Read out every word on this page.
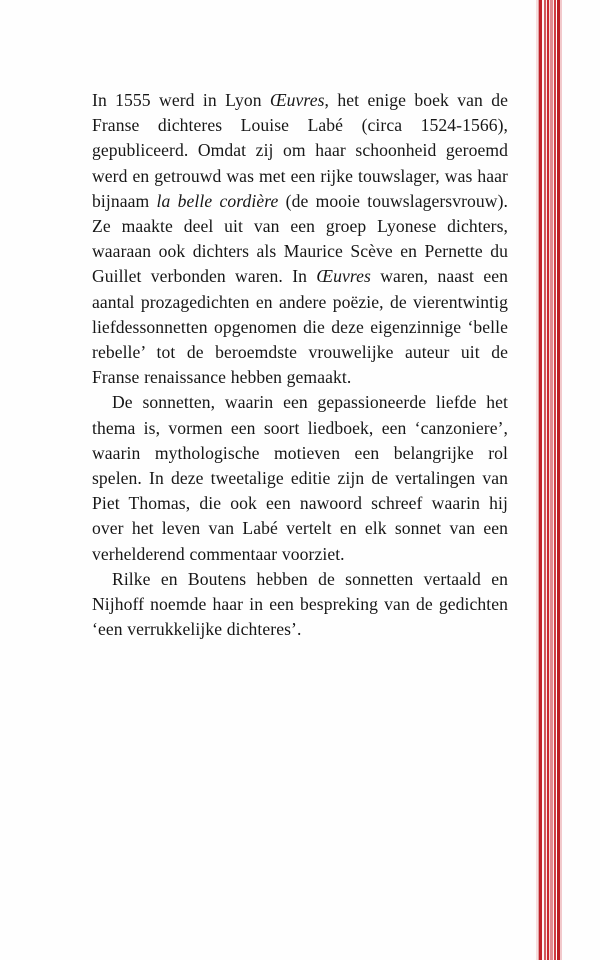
In 1555 werd in Lyon Œuvres, het enige boek van de Franse dichteres Louise Labé (circa 1524-1566), gepubliceerd. Omdat zij om haar schoonheid geroemd werd en getrouwd was met een rijke touwslager, was haar bijnaam la belle cordière (de mooie touwslagersvrouw). Ze maakte deel uit van een groep Lyonese dichters, waaraan ook dichters als Maurice Scève en Pernette du Guillet verbonden waren. In Œuvres waren, naast een aantal prozagedichten en andere poëzie, de vierentwintig liefdessonnetten opgenomen die deze eigenzinnige ‘belle rebelle’ tot de beroemdste vrouwelijke auteur uit de Franse renaissance hebben gemaakt.

De sonnetten, waarin een gepassioneerde liefde het thema is, vormen een soort liedboek, een ‘canzoniere’, waarin mythologische motieven een belangrijke rol spelen. In deze tweetalige editie zijn de vertalingen van Piet Thomas, die ook een nawoord schreef waarin hij over het leven van Labé vertelt en elk sonnet van een verhelderend commentaar voorziet.

Rilke en Boutens hebben de sonnetten vertaald en Nijhoff noemde haar in een bespreking van de gedichten ‘een verrukkelijke dichteres’.
